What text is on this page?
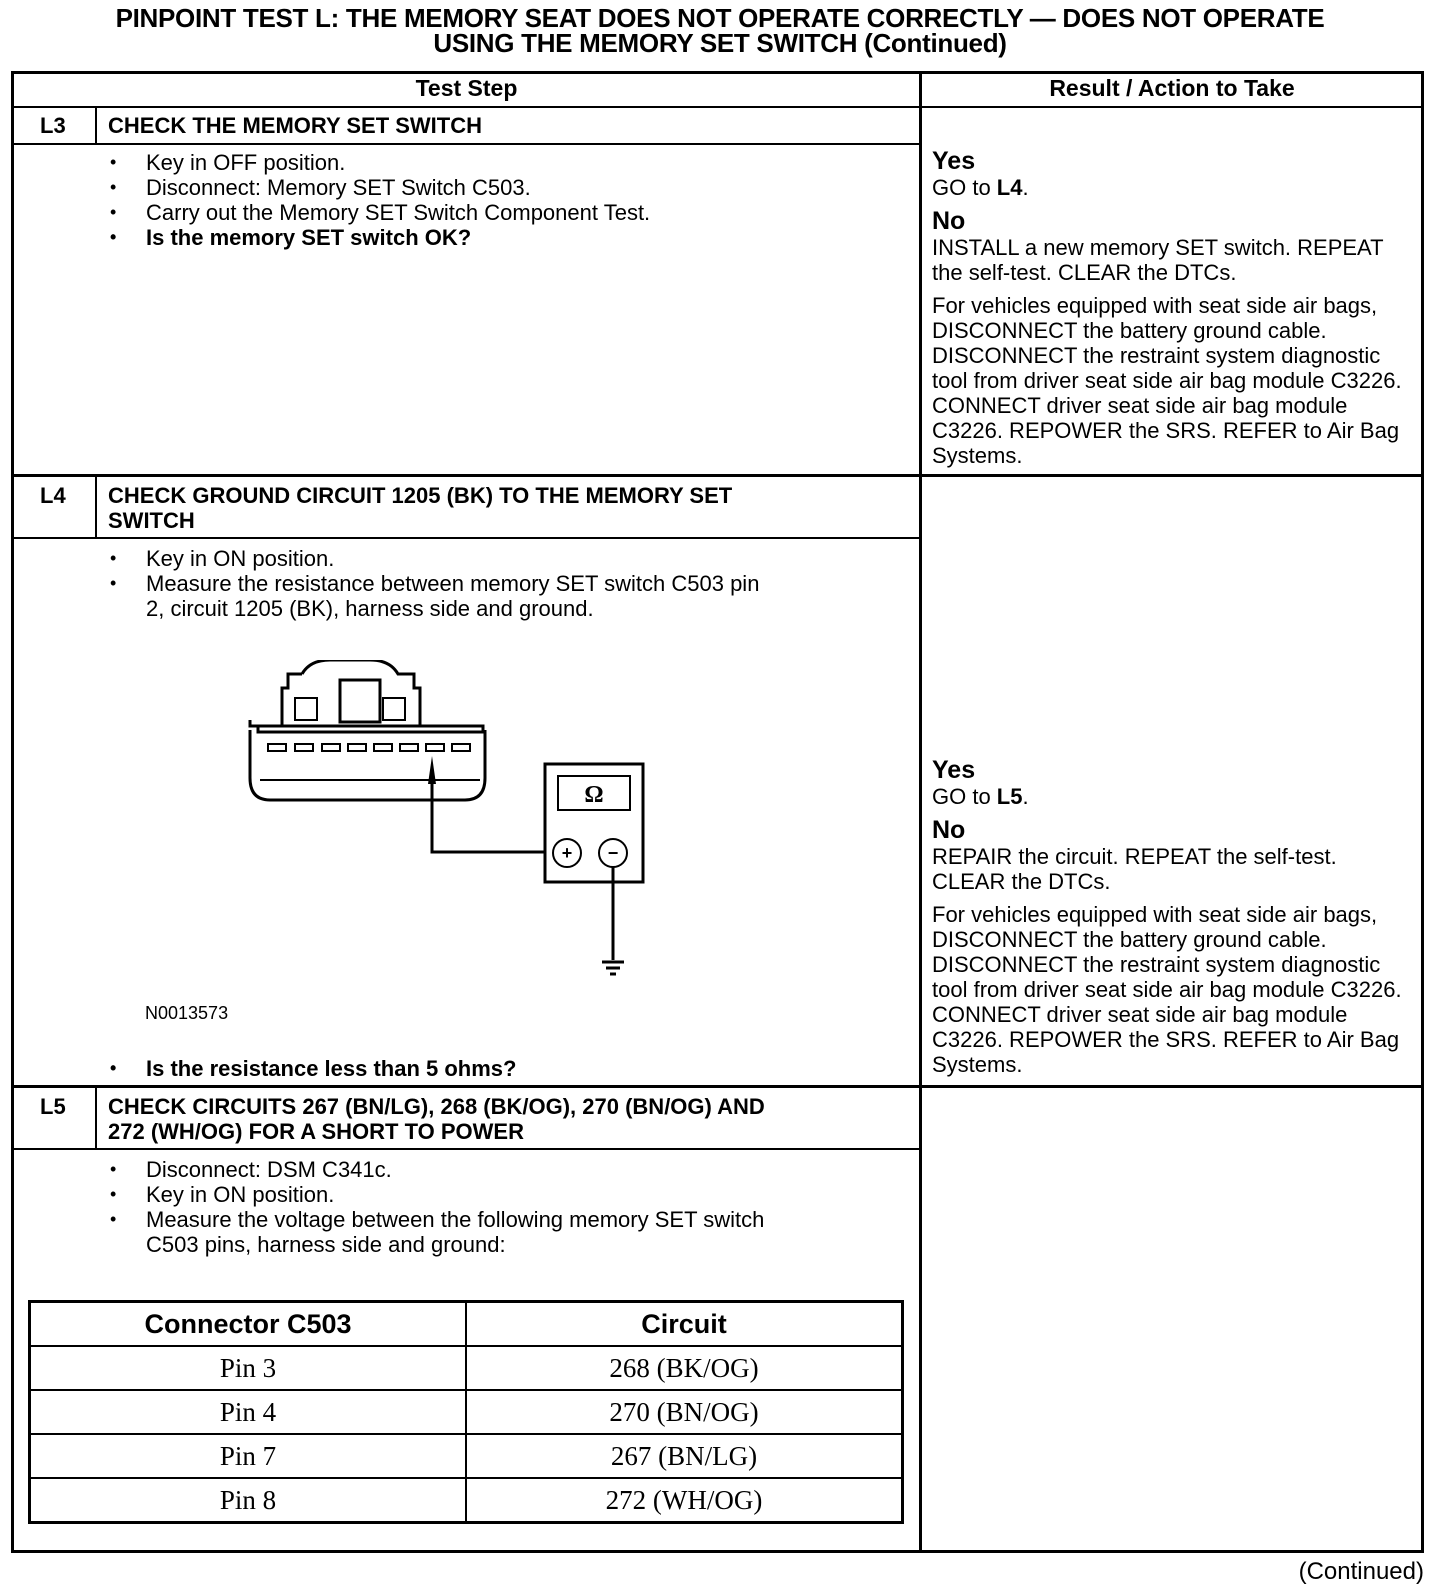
PINPOINT TEST L: THE MEMORY SEAT DOES NOT OPERATE CORRECTLY — DOES NOT OPERATE
USING THE MEMORY SET SWITCH (Continued)
Test Step	Result / Action to Take
L3 CHECK THE MEMORY SET SWITCH
• Key in OFF position.
• Disconnect: Memory SET Switch C503.
• Carry out the Memory SET Switch Component Test.
• Is the memory SET switch OK?

Yes

GO to L4.

No

INSTALL a new memory SET switch. REPEAT the self-test. CLEAR the DTCs.

For vehicles equipped with seat side air bags, DISCONNECT the battery ground cable. DISCONNECT the restraint system diagnostic tool from driver seat side air bag module C3226. CONNECT driver seat side air bag module C3226. REPOWER the SRS. REFER to Air Bag Systems.

L4 CHECK GROUND CIRCUIT 1205 (BK) TO THE MEMORY SET
SWITCH
• Key in ON position.
• Measure the resistance between memory SET switch C503 pin
2, circuit 1205 (BK), harness side and ground.
Ω
+ −
N0013573
• Is the resistance less than 5 ohms?

Yes

GO to L5.

No

REPAIR the circuit. REPEAT the self-test. CLEAR the DTCs.

For vehicles equipped with seat side air bags, DISCONNECT the battery ground cable. DISCONNECT the restraint system diagnostic tool from driver seat side air bag module C3226. CONNECT driver seat side air bag module C3226. REPOWER the SRS. REFER to Air Bag Systems.

L5 CHECK CIRCUITS 267 (BN/LG), 268 (BK/OG), 270 (BN/OG) AND
272 (WH/OG) FOR A SHORT TO POWER
• Disconnect: DSM C341c.
• Key in ON position.
• Measure the voltage between the following memory SET switch
C503 pins, harness side and ground:
Connector C503	Circuit
Pin 3	268 (BK/OG)
Pin 4	270 (BN/OG)
Pin 7	267 (BN/LG)
Pin 8	272 (WH/OG)
(Continued)
